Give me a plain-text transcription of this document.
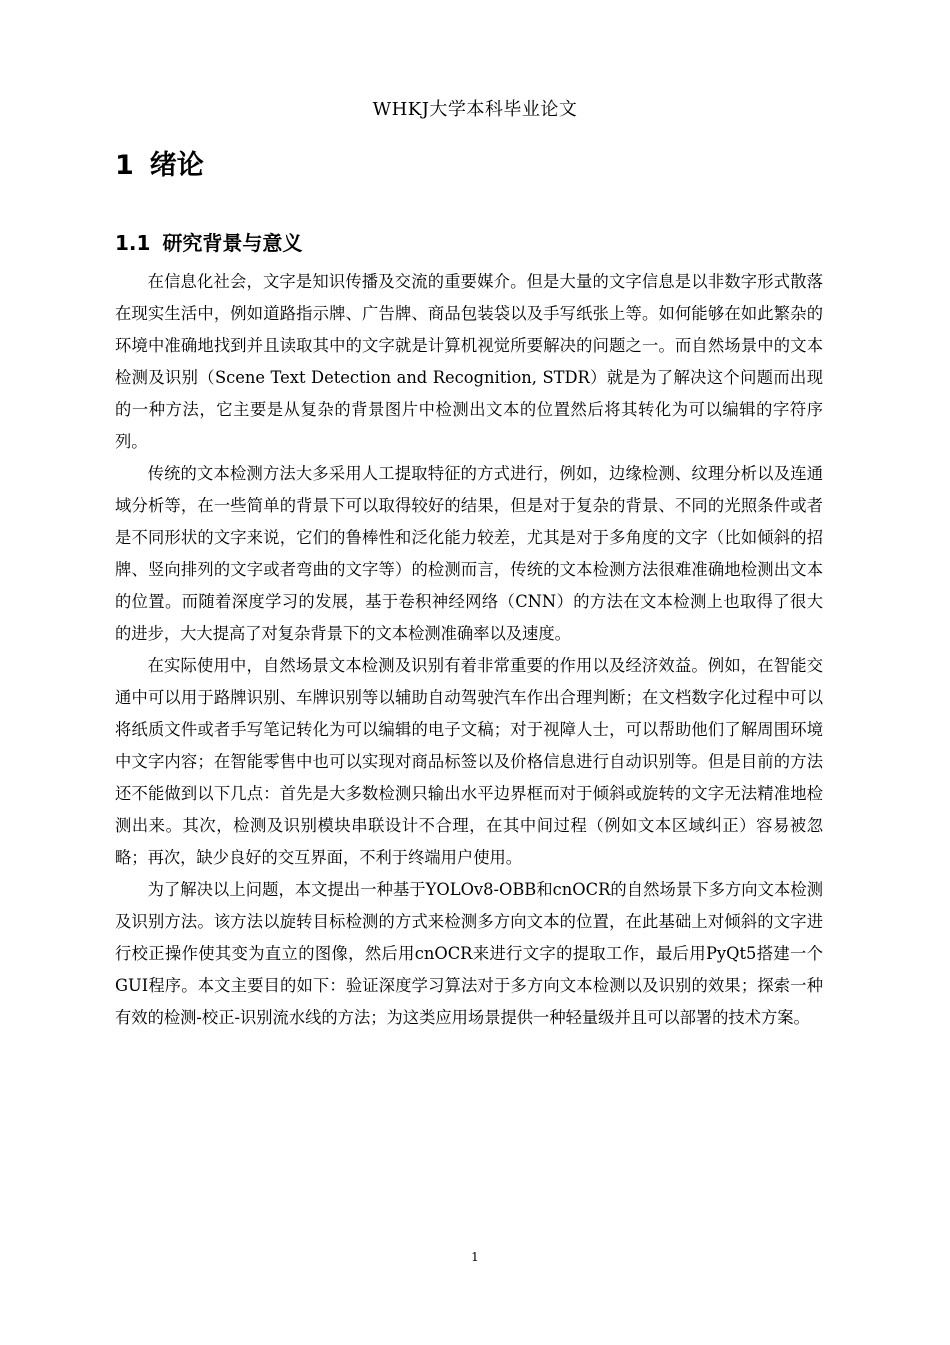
WHKJ大学本科毕业论文
1 绪论
1.1 研究背景与意义

在信息化社会，文字是知识传播及交流的重要媒介。但是大量的文字信息是以非数字形式散落在现实生活中，例如道路指示牌、广告牌、商品包装袋以及手写纸张上等。如何能够在如此繁杂的环境中准确地找到并且读取其中的文字就是计算机视觉所要解决的问题之一。而自然场景中的文本检测及识别（Scene Text Detection and Recognition, STDR）就是为了解决这个问题而出现的一种方法，它主要是从复杂的背景图片中检测出文本的位置然后将其转化为可以编辑的字符序列。

传统的文本检测方法大多采用人工提取特征的方式进行，例如，边缘检测、纹理分析以及连通域分析等，在一些简单的背景下可以取得较好的结果，但是对于复杂的背景、不同的光照条件或者是不同形状的文字来说，它们的鲁棒性和泛化能力较差，尤其是对于多角度的文字（比如倾斜的招牌、竖向排列的文字或者弯曲的文字等）的检测而言，传统的文本检测方法很难准确地检测出文本的位置。而随着深度学习的发展，基于卷积神经网络（CNN）的方法在文本检测上也取得了很大的进步，大大提高了对复杂背景下的文本检测准确率以及速度。

在实际使用中，自然场景文本检测及识别有着非常重要的作用以及经济效益。例如，在智能交通中可以用于路牌识别、车牌识别等以辅助自动驾驶汽车作出合理判断；在文档数字化过程中可以将纸质文件或者手写笔记转化为可以编辑的电子文稿；对于视障人士，可以帮助他们了解周围环境中文字内容；在智能零售中也可以实现对商品标签以及价格信息进行自动识别等。但是目前的方法还不能做到以下几点：首先是大多数检测只输出水平边界框而对于倾斜或旋转的文字无法精准地检测出来。其次，检测及识别模块串联设计不合理，在其中间过程（例如文本区域纠正）容易被忽略；再次，缺少良好的交互界面，不利于终端用户使用。

为了解决以上问题，本文提出一种基于YOLOv8-OBB和cnOCR的自然场景下多方向文本检测及识别方法。该方法以旋转目标检测的方式来检测多方向文本的位置，在此基础上对倾斜的文字进行校正操作使其变为直立的图像，然后用cnOCR来进行文字的提取工作，最后用PyQt5搭建一个GUI程序。本文主要目的如下：验证深度学习算法对于多方向文本检测以及识别的效果；探索一种有效的检测-校正-识别流水线的方法；为这类应用场景提供一种轻量级并且可以部署的技术方案。

1
